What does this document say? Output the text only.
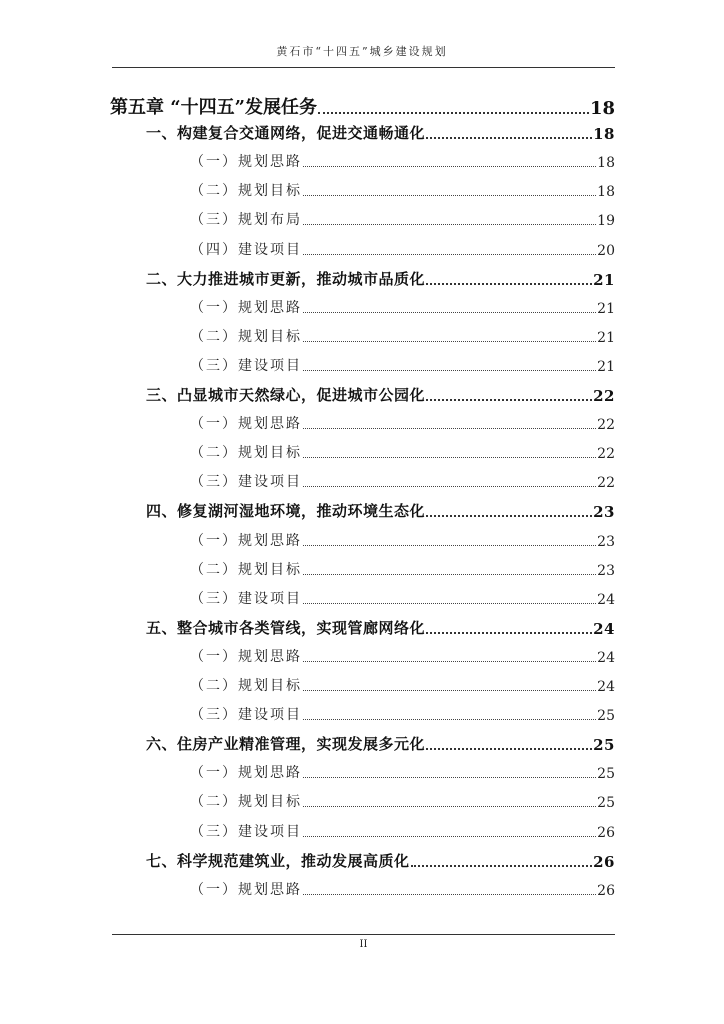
黄石市“十四五”城乡建设规划
第五章 “十四五”发展任务	18
一、构建复合交通网络，促进交通畅通化	18
（一）规划思路	18
（二）规划目标	18
（三）规划布局	19
（四）建设项目	20
二、大力推进城市更新，推动城市品质化	21
（一）规划思路	21
（二）规划目标	21
（三）建设项目	21
三、凸显城市天然绿心，促进城市公园化	22
（一）规划思路	22
（二）规划目标	22
（三）建设项目	22
四、修复湖河湿地环境，推动环境生态化	23
（一）规划思路	23
（二）规划目标	23
（三）建设项目	24
五、整合城市各类管线，实现管廊网络化	24
（一）规划思路	24
（二）规划目标	24
（三）建设项目	25
六、住房产业精准管理，实现发展多元化	25
（一）规划思路	25
（二）规划目标	25
（三）建设项目	26
七、科学规范建筑业，推动发展高质化	26
（一）规划思路	26
II
